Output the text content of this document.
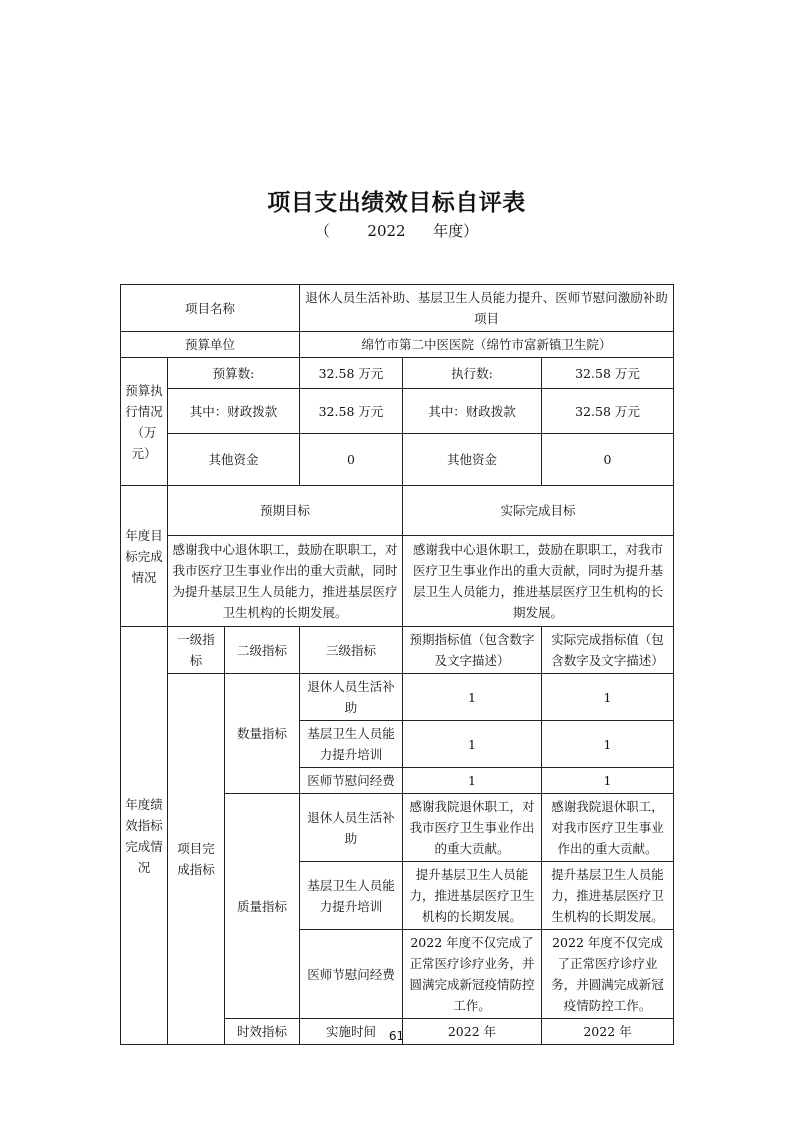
项目支出绩效目标自评表
（	2022 年度）
项目名称			退休人员生活补助、基层卫生人员能力提升、医师节慰问激励补助项目		
预算单位			绵竹市第二中医医院（绵竹市富新镇卫生院）		
预算执行情况（万元）	预算数:		32.58 万元	执行数:	32.58 万元
	其中：财政拨款		32.58 万元	其中：财政拨款	32.58 万元
	其他资金		0	其他资金	0
年度目标完成情况	预期目标			实际完成目标	
	感谢我中心退休职工，鼓励在职职工，对我市医疗卫生事业作出的重大贡献，同时为提升基层卫生人员能力，推进基层医疗卫生机构的长期发展。			感谢我中心退休职工，鼓励在职职工，对我市医疗卫生事业作出的重大贡献，同时为提升基层卫生人员能力，推进基层医疗卫生机构的长期发展。	
年度绩效指标完成情况	一级指标	二级指标	三级指标	预期指标值（包含数字及文字描述）	实际完成指标值（包含数字及文字描述）
	项目完成指标	数量指标	退休人员生活补助	1	1
			基层卫生人员能力提升培训	1	1
			医师节慰问经费	1	1
		质量指标	退休人员生活补助	感谢我院退休职工，对我市医疗卫生事业作出的重大贡献。	感谢我院退休职工，对我市医疗卫生事业作出的重大贡献。
			基层卫生人员能力提升培训	提升基层卫生人员能力，推进基层医疗卫生机构的长期发展。	提升基层卫生人员能力，推进基层医疗卫生机构的长期发展。
			医师节慰问经费	2022 年度不仅完成了正常医疗诊疗业务，并圆满完成新冠疫情防控工作。	2022 年度不仅完成了正常医疗诊疗业务，并圆满完成新冠疫情防控工作。
		时效指标	实施时间	2022 年	2022 年
61
